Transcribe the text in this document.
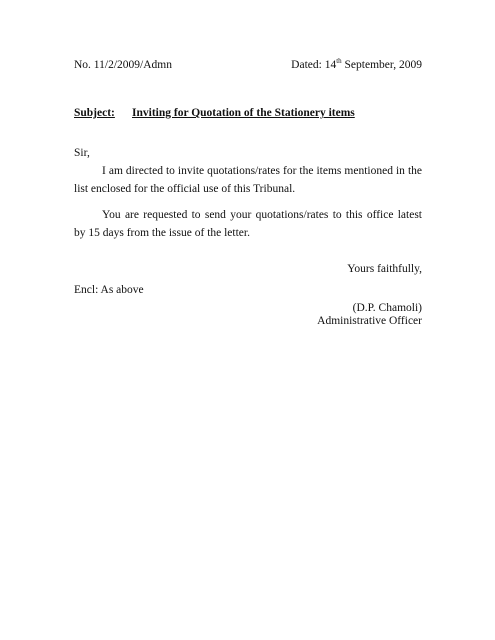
No. 11/2/2009/Admn	Dated: 14th September, 2009
Subject: Inviting for Quotation of the Stationery items
Sir,
I am directed to invite quotations/rates for the items mentioned in the list enclosed for the official use of this Tribunal.
You are requested to send your quotations/rates to this office latest by 15 days from the issue of the letter.
Yours faithfully,
Encl: As above
(D.P. Chamoli)
Administrative Officer
